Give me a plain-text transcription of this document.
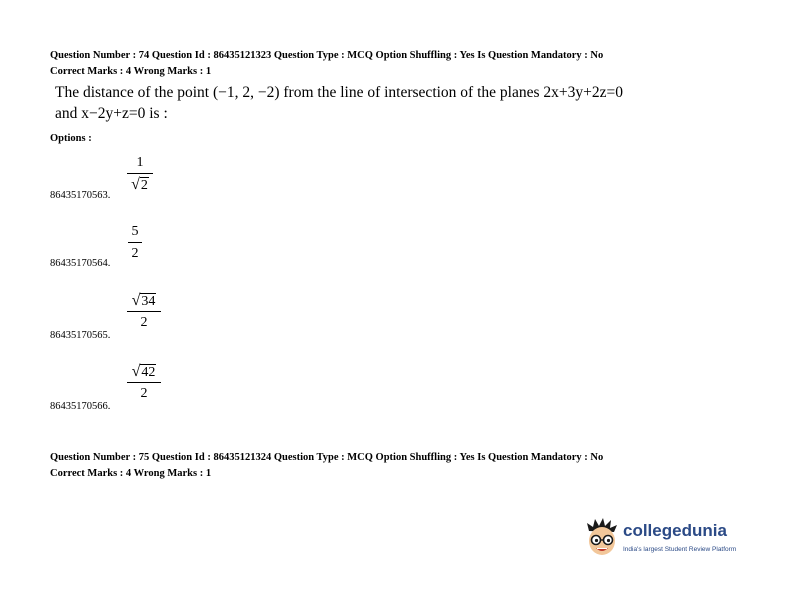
Question Number : 74 Question Id : 86435121323 Question Type : MCQ Option Shuffling : Yes Is Question Mandatory : No
Correct Marks : 4 Wrong Marks : 1
The distance of the point (−1, 2, −2) from the line of intersection of the planes 2x+3y+2z=0
and x−2y+z=0 is :
Options :
86435170563.
1
√ 2
86435170564.
5
2
86435170565.
√ 34
2
86435170566.
√ 42
2
Question Number : 75 Question Id : 86435121324 Question Type : MCQ Option Shuffling : Yes Is Question Mandatory : No
Correct Marks : 4 Wrong Marks : 1
collegedunia
India's largest Student Review Platform
